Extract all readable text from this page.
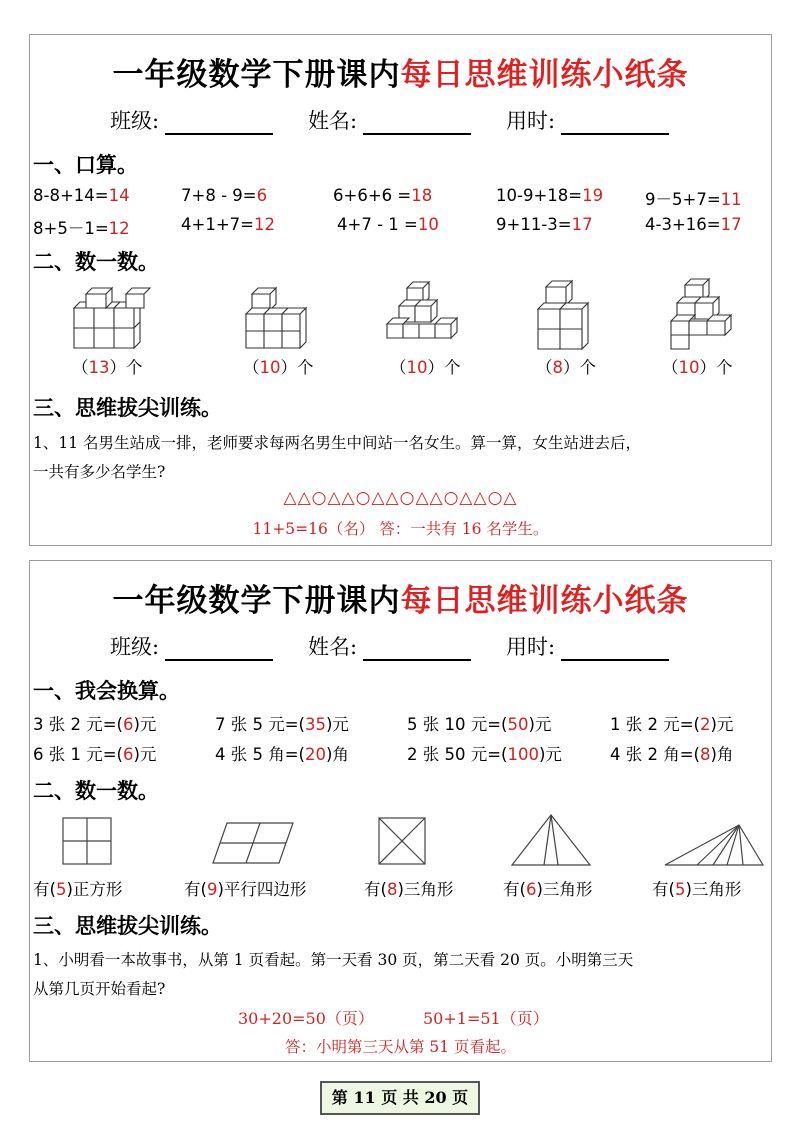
一年级数学下册课内每日思维训练小纸条
班级:	姓名:	用时:
一、口算。
8-8+14=14	7+8 - 9=6	6+6+6 =18	10-9+18=19	9－5+7=11
8+5－1=12	4+1+7=12	4+7 - 1 =10	9+11-3=17	4-3+16=17
二、数一数。
（13）个	（10）个	（10）个	（8）个	（10）个
三、思维拔尖训练。
1、11 名男生站成一排，老师要求每两名男生中间站一名女生。算一算，女生站进去后，
一共有多少名学生?
△△○△△○△△○△△○△△○△
11+5=16（名） 答：一共有 16 名学生。
一年级数学下册课内每日思维训练小纸条
班级:	姓名:	用时:
一、我会换算。
3 张 2 元=(6)元	7 张 5 元=(35)元	5 张 10 元=(50)元	1 张 2 元=(2)元
6 张 1 元=(6)元	4 张 5 角=(20)角	2 张 50 元=(100)元	4 张 2 角=(8)角
二、数一数。
有(5)正方形	有(9)平行四边形	有(8)三角形	有(6)三角形	有(5)三角形
三、思维拔尖训练。
1、小明看一本故事书，从第 1 页看起。第一天看 30 页，第二天看 20 页。小明第三天
从第几页开始看起?
30+20=50（页）	50+1=51（页）
答：小明第三天从第 51 页看起。
第 11 页 共 20 页
